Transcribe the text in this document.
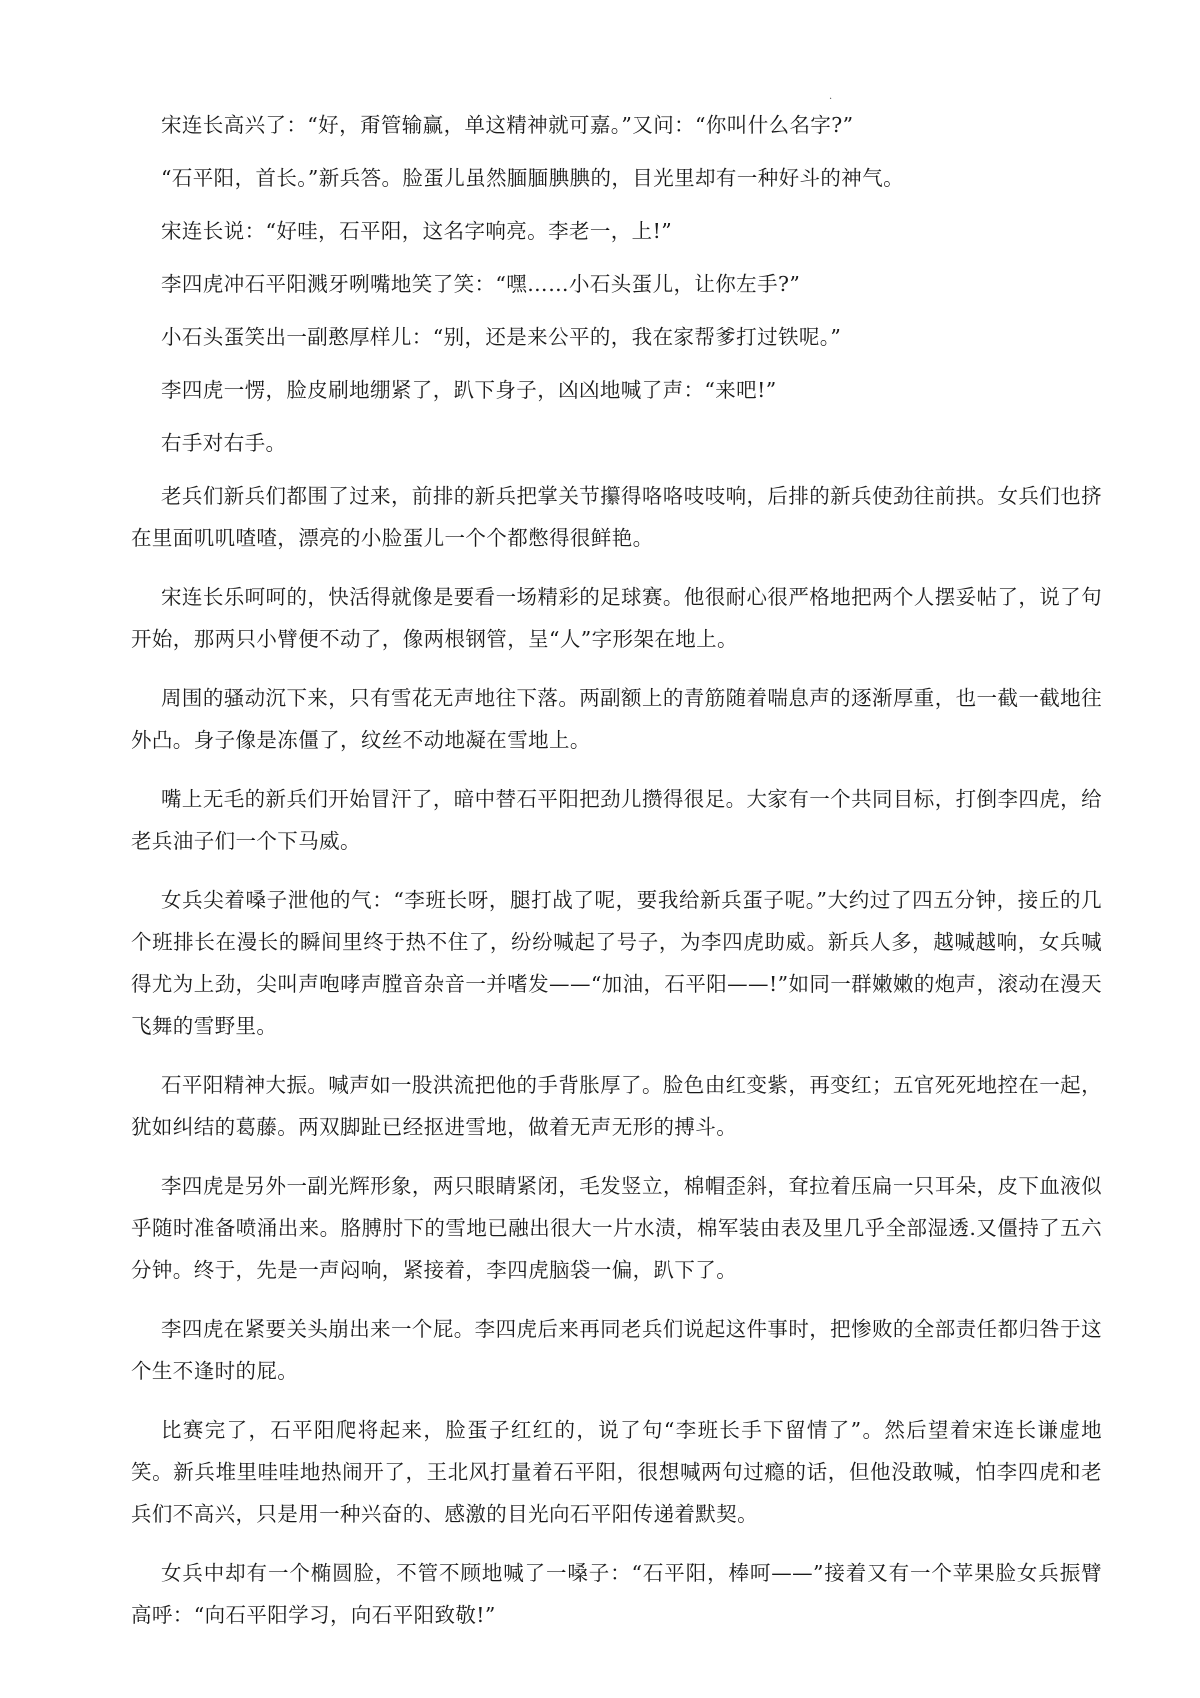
.

宋连长高兴了：“好，甭管输赢，单这精神就可嘉。”又问：“你叫什么名字?”

“石平阳，首长。”新兵答。脸蛋儿虽然腼腼腆腆的，目光里却有一种好斗的神气。

宋连长说：“好哇，石平阳，这名字响亮。李老一，上!”

李四虎冲石平阳溅牙咧嘴地笑了笑：“嘿……小石头蛋儿，让你左手?”

小石头蛋笑出一副憨厚样儿：“别，还是来公平的，我在家帮爹打过铁呢。”

李四虎一愣，脸皮刷地绷紧了，趴下身子，凶凶地喊了声：“来吧!”

右手对右手。

老兵们新兵们都围了过来，前排的新兵把掌关节攥得咯咯吱吱响，后排的新兵使劲往前拱。女兵们也挤在里面叽叽喳喳，漂亮的小脸蛋儿一个个都憋得很鲜艳。

宋连长乐呵呵的，快活得就像是要看一场精彩的足球赛。他很耐心很严格地把两个人摆妥帖了，说了句开始，那两只小臂便不动了，像两根钢管，呈“人”字形架在地上。

周围的骚动沉下来，只有雪花无声地往下落。两副额上的青筋随着喘息声的逐渐厚重，也一截一截地往外凸。身子像是冻僵了，纹丝不动地凝在雪地上。

嘴上无毛的新兵们开始冒汗了，暗中替石平阳把劲儿攒得很足。大家有一个共同目标，打倒李四虎，给老兵油子们一个下马威。

女兵尖着嗓子泄他的气：“李班长呀，腿打战了呢，要我给新兵蛋子呢。”大约过了四五分钟，接丘的几个班排长在漫长的瞬间里终于热不住了，纷纷喊起了号子，为李四虎助威。新兵人多，越喊越响，女兵喊得尤为上劲，尖叫声咆哮声膛音杂音一并嗜发——“加油，石平阳——!”如同一群嫩嫩的炮声，滚动在漫天飞舞的雪野里。

石平阳精神大振。喊声如一股洪流把他的手背胀厚了。脸色由红变紫，再变红；五官死死地控在一起，犹如纠结的葛藤。两双脚趾已经抠进雪地，做着无声无形的搏斗。

李四虎是另外一副光辉形象，两只眼睛紧闭，毛发竖立，棉帽歪斜，耷拉着压扁一只耳朵，皮下血液似乎随时准备喷涌出来。胳膊肘下的雪地已融出很大一片水渍，棉军装由表及里几乎全部湿透.又僵持了五六分钟。终于，先是一声闷响，紧接着，李四虎脑袋一偏，趴下了。

李四虎在紧要关头崩出来一个屁。李四虎后来再同老兵们说起这件事时，把惨败的全部责任都归咎于这个生不逢时的屁。

比赛完了，石平阳爬将起来，脸蛋子红红的，说了句“李班长手下留情了”。然后望着宋连长谦虚地笑。新兵堆里哇哇地热闹开了，王北风打量着石平阳，很想喊两句过瘾的话，但他没敢喊，怕李四虎和老兵们不高兴，只是用一种兴奋的、感激的目光向石平阳传递着默契。

女兵中却有一个椭圆脸，不管不顾地喊了一嗓子：“石平阳，棒呵——”接着又有一个苹果脸女兵振臂高呼：“向石平阳学习，向石平阳致敬!”
